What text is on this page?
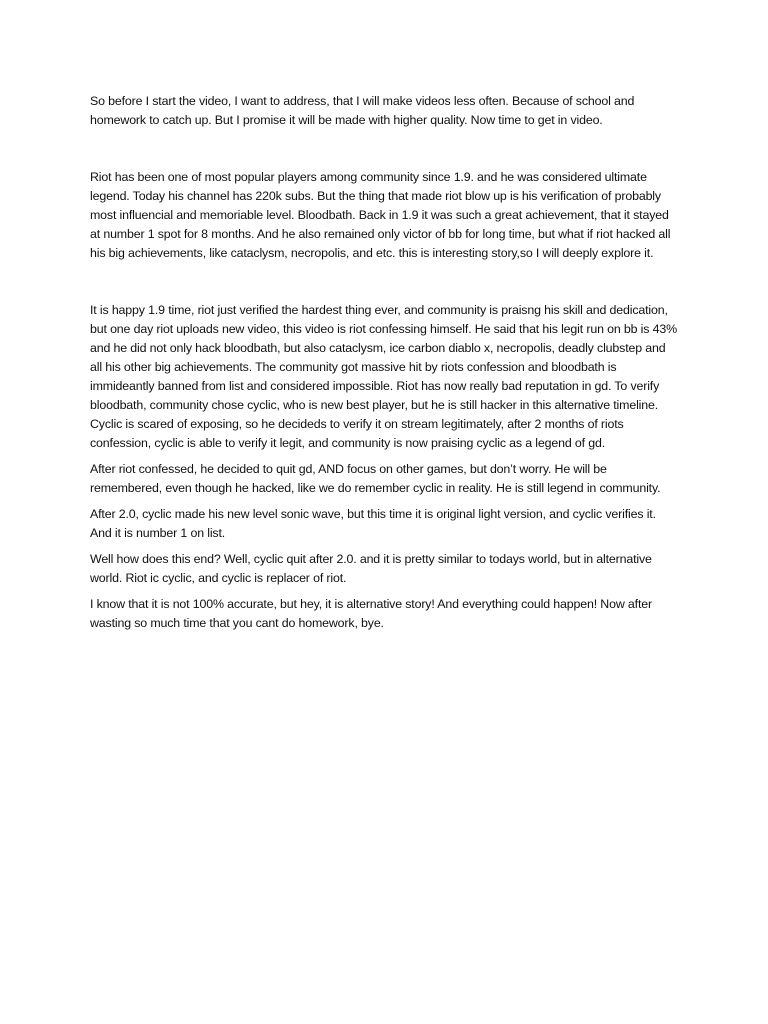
So before I start the video, I want to address, that I will make videos less often. Because of school and homework to catch up. But I promise it will be made with higher quality. Now time to get in video.

Riot has been one of most popular players among community since 1.9. and he was considered ultimate legend. Today his channel has 220k subs. But the thing that made riot blow up is his verification of probably most influencial and memoriable level. Bloodbath. Back in 1.9 it was such a great achievement, that it stayed at number 1 spot for 8 months. And he also remained only victor of bb for long time, but what if riot hacked all his big achievements, like cataclysm, necropolis, and etc. this is interesting story,so I will deeply explore it.

It is happy 1.9 time, riot just verified the hardest thing ever, and community is praisng his skill and dedication, but one day riot uploads new video, this video is riot confessing himself. He said that his legit run on bb is 43% and he did not only hack bloodbath, but also cataclysm, ice carbon diablo x, necropolis, deadly clubstep and all his other big achievements. The community got massive hit by riots confession and bloodbath is immideantly banned from list and considered impossible. Riot has now really bad reputation in gd. To verify bloodbath, community chose cyclic, who is new best player, but he is still hacker in this alternative timeline. Cyclic is scared of exposing, so he decideds to verify it on stream legitimately, after 2 months of riots confession, cyclic is able to verify it legit, and community is now praising cyclic as a legend of gd.

After riot confessed, he decided to quit gd, AND focus on other games, but don’t worry. He will be remembered, even though he hacked, like we do remember cyclic in reality. He is still legend in community.

After 2.0, cyclic made his new level sonic wave, but this time it is original light version, and cyclic verifies it. And it is number 1 on list.

Well how does this end? Well, cyclic quit after 2.0. and it is pretty similar to todays world, but in alternative world. Riot ic cyclic, and cyclic is replacer of riot.

I know that it is not 100% accurate, but hey, it is alternative story! And everything could happen! Now after wasting so much time that you cant do homework, bye.
